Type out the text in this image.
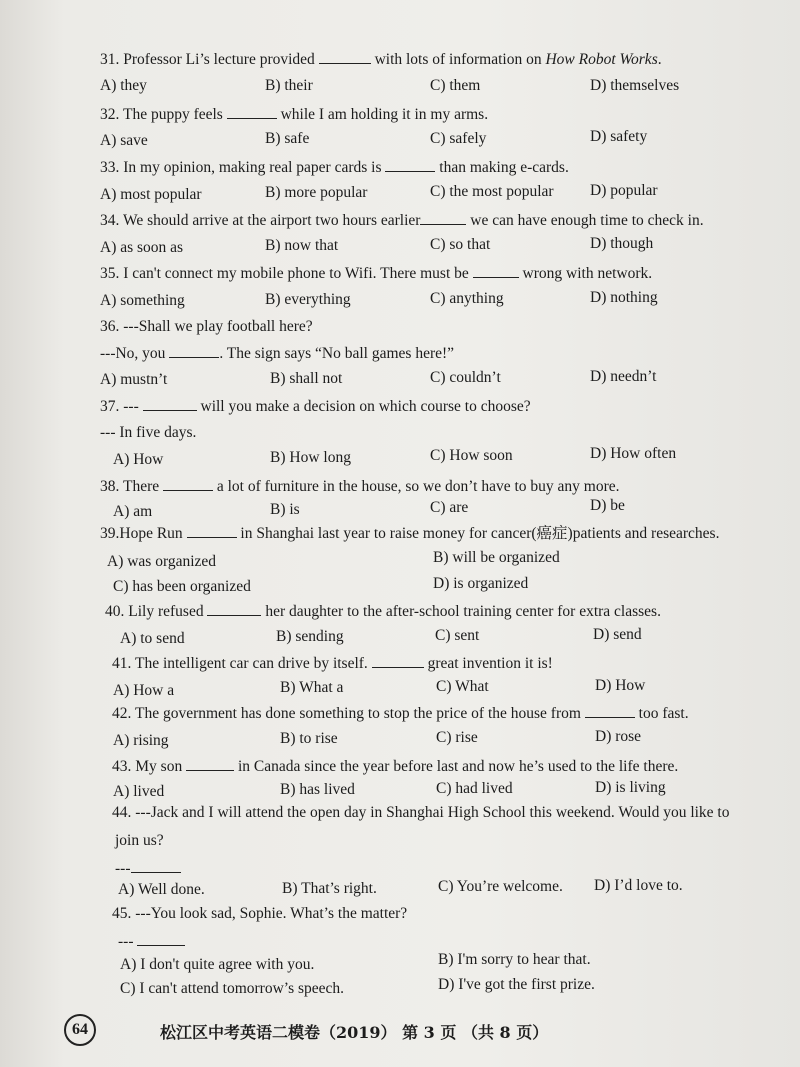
31. Professor Li’s lecture provided	with lots of information on How Robot Works.
A) they	B) their	C) them	D) themselves
32. The puppy feels	while I am holding it in my arms.
A) save	B) safe	C) safely	D) safety
33. In my opinion, making real paper cards is	than making e-cards.
A) most popular	B) more popular	C) the most popular D) popular
34. We should arrive at the airport two hours earlier	we can have enough time to check in.
A) as soon as	B) now that	C) so that	D) though
35. I can't connect my mobile phone to Wifi. There must be	wrong with network.
A) something	B) everything	C) anything	D) nothing
36. ---Shall we play football here?
---No, you	. The sign says “No ball games here!”
A) mustn’t	B) shall not	C) couldn’t	D) needn’t
37. ---	will you make a decision on which course to choose?
--- In five days.
A) How	B) How long	C) How soon	D) How often
38. There	a lot of furniture in the house, so we don’t have to buy any more.
A) am	B) is	C) are	D) be
39.Hope Run	in Shanghai last year to raise money for cancer(癌症)patients and researches.
A) was organized	B) will be organized
C) has been organized	D) is organized
40. Lily refused	her daughter to the after-school training center for extra classes.
A) to send	B) sending	C) sent	D) send
41. The intelligent car can drive by itself.	great invention it is!
A) How a	B) What a	C) What	D) How
42. The government has done something to stop the price of the house from	too fast.
A) rising	B) to rise	C) rise	D) rose
43. My son	in Canada since the year before last and now he’s used to the life there.
A) lived	B) has lived	C) had lived	D) is living
44. ---Jack and I will attend the open day in Shanghai High School this weekend. Would you like to
join us?
---
A) Well done.	B) That’s right.	C) You’re welcome. D) I’d love to.
45. ---You look sad, Sophie. What’s the matter?
---
A) I don't quite agree with you.	B) I'm sorry to hear that.
C) I can't attend tomorrow’s speech.	D) I've got the first prize.
64	松江区中考英语二模卷（2019） 第 3 页 （共 8 页）
